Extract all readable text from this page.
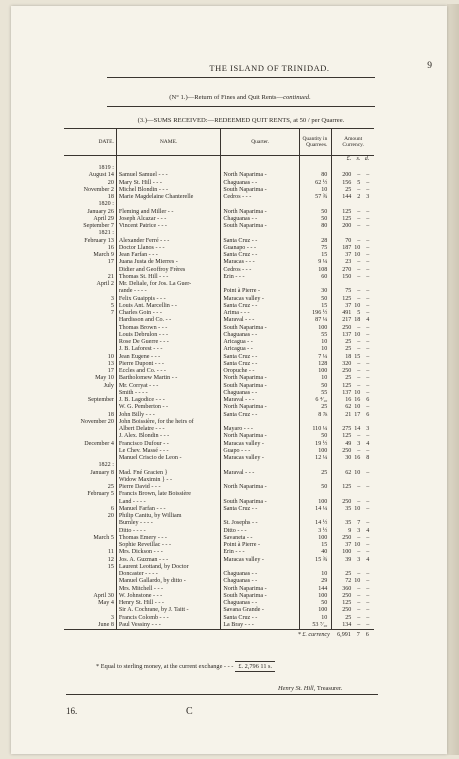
THE ISLAND OF TRINIDAD.	9
(N° 1.)—Return of Fines and Quit Rents—continued.
(3.)—SUMS RECEIVED:—REDEEMED QUIT RENTS, at 50 / per Quarree.
DATE.	NAME.	Quarter.	Quantity in Quarrees.	Amount Currency.

				£. s. d.

1819 :				

August 14	Samuel Samuel - - -	North Naparima -	80	200 – –

20	Mary St. Hill - - -	Chaguanas - -	62 ½	156 5 –

November 2	Michel Blondin - - -	South Naparima -	10	25 – –

18	Marie Magdelaine Chanterelle	Cedros - - -	57 ¾	144 2 3

1820 :				

January 26	Fleming and Miller - -	North Naparima -	50	125 – –

April 29	Joseph Alcazar - - -	Chaguanas - -	50	125 – –

September 7	Vincent Patrice - - -	South Naparima -	80	200 – –

1821 :				

February 13	Alexander Ferré - - -	Santa Cruz - -	28	70 – –

16	Doctor Llanos - - -	Guanapo - - -	75	187 10 –

March 9	Jean Farfan - - -	Santa Cruz - -	15	37 10 –

17	Juana Justa de Mierres -	Maracas - - -	9 ¼	23 – –

	Didier and Geoffroy Frères	Cedros - - -	108	270 – –

21	Thomas St. Hill - - -	Erin - - -	60	150 – –

April 2	Mr. Deliale, for Jos. La Guer-			

	rande - - - -	Point à Pierre -	30	75 – –

3	Felix Guaippis - - -	Maracas valley -	50	125 – –

5	Louis Ant. Marcellin - -	Santa Cruz - -	15	37 10 –

7	Charles Goin - - -	Arima - - -	196 ½	491 5 –

	Hardisson and Co. - -	Maraval - - -	87 ¼	217 18 4

	Thomas Brown - - -	South Naparima -	100	250 – –

	Louis Debrulon - - -	Chaguanas - -	55	137 10 –

	Rose De Guerre - - -	Aricagua - -	10	25 – –

	J. B. Laforest - - -	Aricagua - -	10	25 – –

10	Jean Eugene - - -	Santa Cruz - -	7 ¼	18 15 –

13	Pierre Dupont - - -	Santa Cruz - -	128	320 – –

17	Eccles and Co. - - -	Oropuche - -	100	250 – –

May 10	Bartholomew Martin - -	North Naparima -	10	25 – –

July	Mr. Corryat - - -	South Naparima -	50	125 – –

	Smith - - - -	Chaguanas - -	55	137 10 –

September	J. B. Lagodice - - -	Maraval - - -	6 ⁴⁄₁₀	16 16 6

	W. G. Pemberton - -	North Naparima -	25	62 10 –

18	John Billy - - -	Santa Cruz - -	8 ⅞	21 17 6

November 20	John Boissière, for the heirs of			

	Albert Delatre - - -	Mayaro - - -	110 ¼	275 14 3

	J. Alex. Blondin - - -	North Naparima -	50	125 – –

December 4	Francisco Dufour - -	Maracas valley -	19 ½	49 3 4

	Le Chev. Massé - - -	Guapo - - -	100	250 – –

	Manuel Criscio de Leon -	Maracas valley -	12 ¼	30 16 8

1822 :				

January 8	Mad. Fné Gracien }	Maraval - - -	25	62 10 –

	Widow Maximin } - -			

25	Pierre David - - -	North Naparima -	50	125 – –

February 5	Francis Brown, late Boissière			

	Land - - - -	South Naparima -	100	250 – –

6	Manuel Farfan - - -	Santa Cruz - -	14 ¼	35 10 –

20	Philip Canitu, by William			

	Burnley - - - -	St. Josephs - -	14 ½	35 7 –

	Ditto - - - -	Ditto - - -	3 ½	9 3 4

March 5	Thomas Emery - - -	Savaneta - -	100	250 – –

	Sophie Reveillac - - -	Point à Pierre -	15	37 10 –

11	Mrs. Dickson - - -	Erin - - -	40	100 – –

12	Jos. A. Guzman - - -	Maracas valley -	15 ¾	39 3 4

15	Laurent Leottand, by Doctor			

	Doncaster - - - -	Chaguanas - -	10	25 – –

	Manuel Gallardo, by ditto -	Chaguanas - -	29	72 10 –

	Mrs. Mitchell - - -	North Naparima -	144	360 – –

April 30	W. Johnstone - - -	South Naparima -	100	250 – –

May 4	Henry St. Hill - - -	Chaguanas - -	50	125 – –

	Sir A. Cochrane, by J. Taitt -	Savana Grande -	100	250 – –

3	Francis Colomb - - -	Santa Cruz - -	10	25 – –

June 8	Paul Vessiny - - -	La Bray - - -	53 ⁷⁄₁₀	134 – –

* £. currency				6,991 7 6
* Equal to sterling money, at the current exchange - - - £. 2,796 11 s.
Henry St. Hill, Treasurer.
16.	C
